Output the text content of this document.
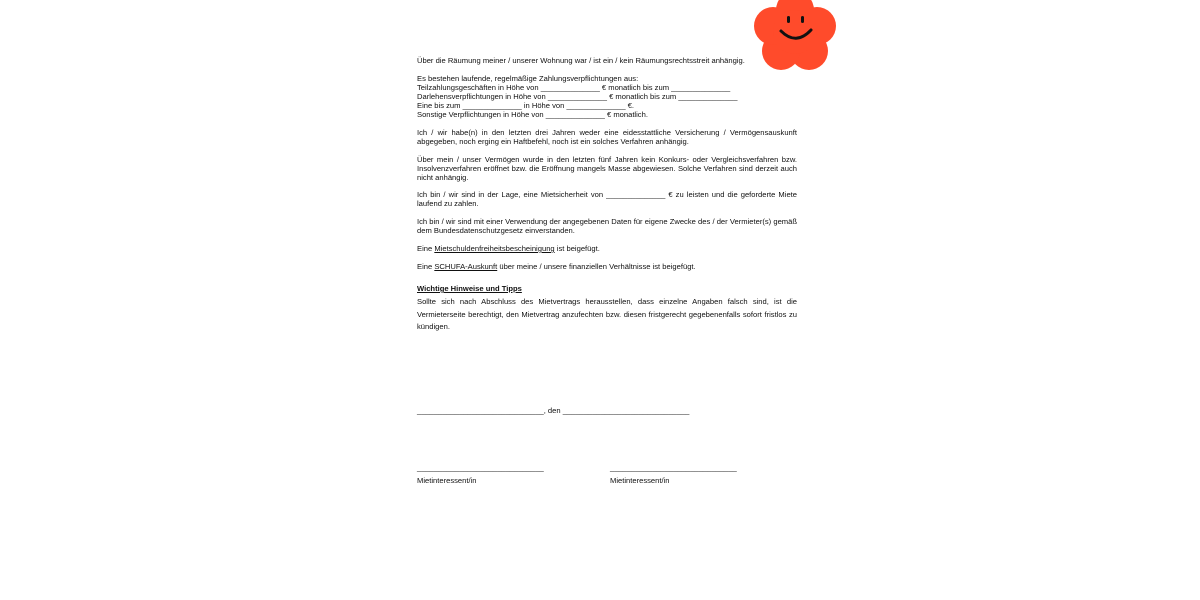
Über die Räumung meiner / unserer Wohnung war / ist ein / kein Räumungsrechtsstreit anhängig.
Es bestehen laufende, regelmäßige Zahlungsverpflichtungen aus:
Teilzahlungsgeschäften in Höhe von ______________ € monatlich bis zum ______________
Darlehensverpflichtungen in Höhe von ______________ € monatlich bis zum ______________
Eine bis zum ______________ in Höhe von ______________ €.
Sonstige Verpflichtungen in Höhe von ______________ € monatlich.
Ich / wir habe(n) in den letzten drei Jahren weder eine eidesstattliche Versicherung / Vermögensauskunft abgegeben, noch erging ein Haftbefehl, noch ist ein solches Verfahren anhängig.
Über mein / unser Vermögen wurde in den letzten fünf Jahren kein Konkurs- oder Vergleichsverfahren bzw. Insolvenzverfahren eröffnet bzw. die Eröffnung mangels Masse abgewiesen. Solche Verfahren sind derzeit auch nicht anhängig.
Ich bin / wir sind in der Lage, eine Mietsicherheit von ______________ € zu leisten und die geforderte Miete laufend zu zahlen.
Ich bin / wir sind mit einer Verwendung der angegebenen Daten für eigene Zwecke des / der Vermieter(s) gemäß dem Bundesdatenschutzgesetz einverstanden.
Eine Mietschuldenfreiheitsbescheinigung ist beigefügt.
Eine SCHUFA-Auskunft über meine / unsere finanziellen Verhältnisse ist beigefügt.
Wichtige Hinweise und Tipps
Sollte sich nach Abschluss des Mietvertrags herausstellen, dass einzelne Angaben falsch sind, ist die Vermieterseite berechtigt, den Mietvertrag anzufechten bzw. diesen fristgerecht gegebenenfalls sofort fristlos zu kündigen.
______________________________, den ______________________________
______________________________	______________________________
Mietinteressent/in	Mietinteressent/in
